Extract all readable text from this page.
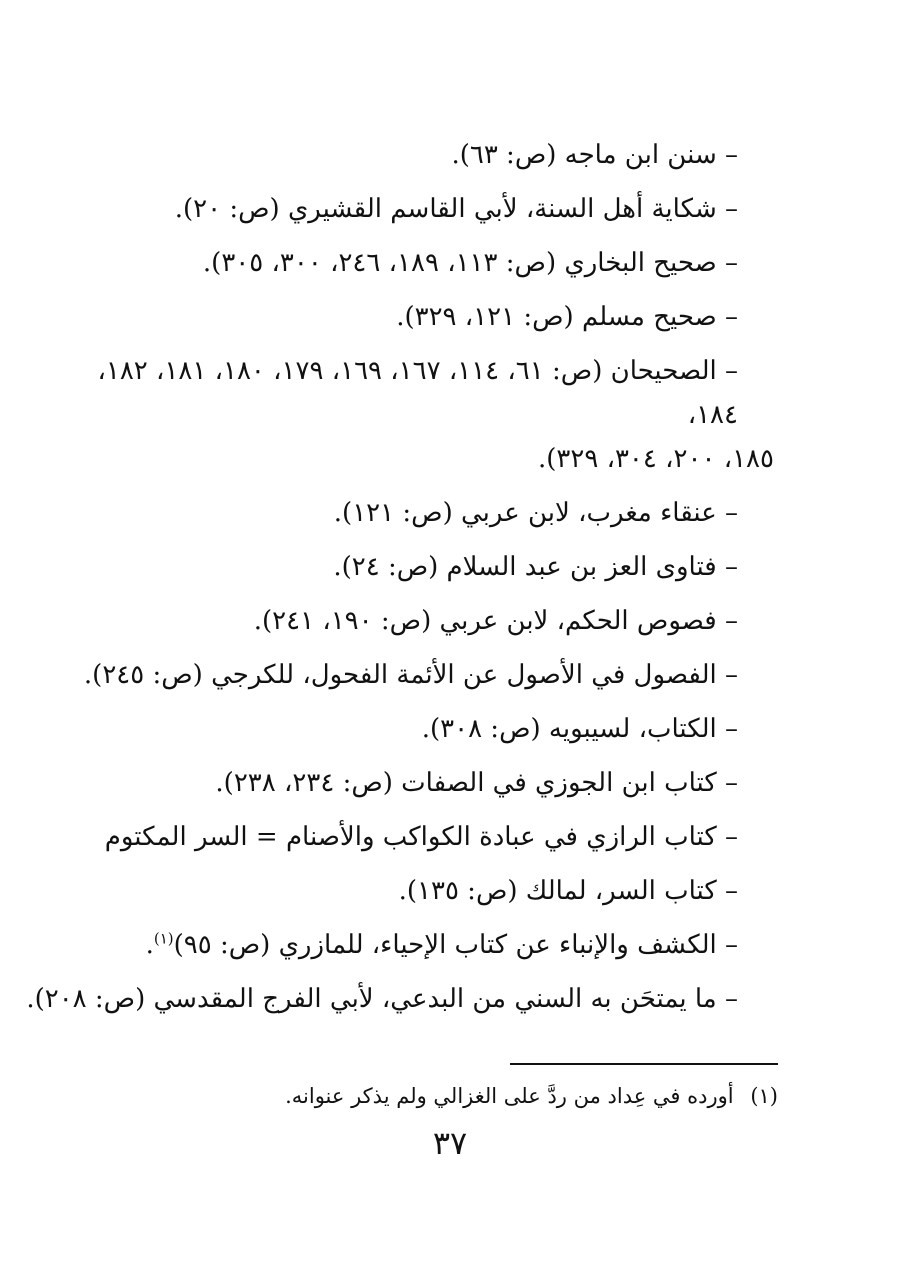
– سنن ابن ماجه (ص: ٦٣).
– شكاية أهل السنة، لأبي القاسم القشيري (ص: ٢٠).
– صحيح البخاري (ص: ١١٣، ١٨٩، ٢٤٦، ٣٠٠، ٣٠٥).
– صحيح مسلم (ص: ١٢١، ٣٢٩).
– الصحيحان (ص: ٦١، ١١٤، ١٦٧، ١٦٩، ١٧٩، ١٨٠، ١٨١، ١٨٢، ١٨٤،
١٨٥، ٢٠٠، ٣٠٤، ٣٢٩).
– عنقاء مغرب، لابن عربي (ص: ١٢١).
– فتاوى العز بن عبد السلام (ص: ٢٤).
– فصوص الحكم، لابن عربي (ص: ١٩٠، ٢٤١).
– الفصول في الأصول عن الأئمة الفحول، للكرجي (ص: ٢٤٥).
– الكتاب، لسيبويه (ص: ٣٠٨).
– كتاب ابن الجوزي في الصفات (ص: ٢٣٤، ٢٣٨).
– كتاب الرازي في عبادة الكواكب والأصنام = السر المكتوم
– كتاب السر، لمالك (ص: ١٣٥).
– الكشف والإنباء عن كتاب الإحياء، للمازري (ص: ٩٥)$^{(١)}$.
– ما يمتحَن به السني من البدعي، لأبي الفرج المقدسي (ص: ٢٠٨).
(١) أورده في عِداد من ردَّ على الغزالي ولم يذكر عنوانه.
٣٧
